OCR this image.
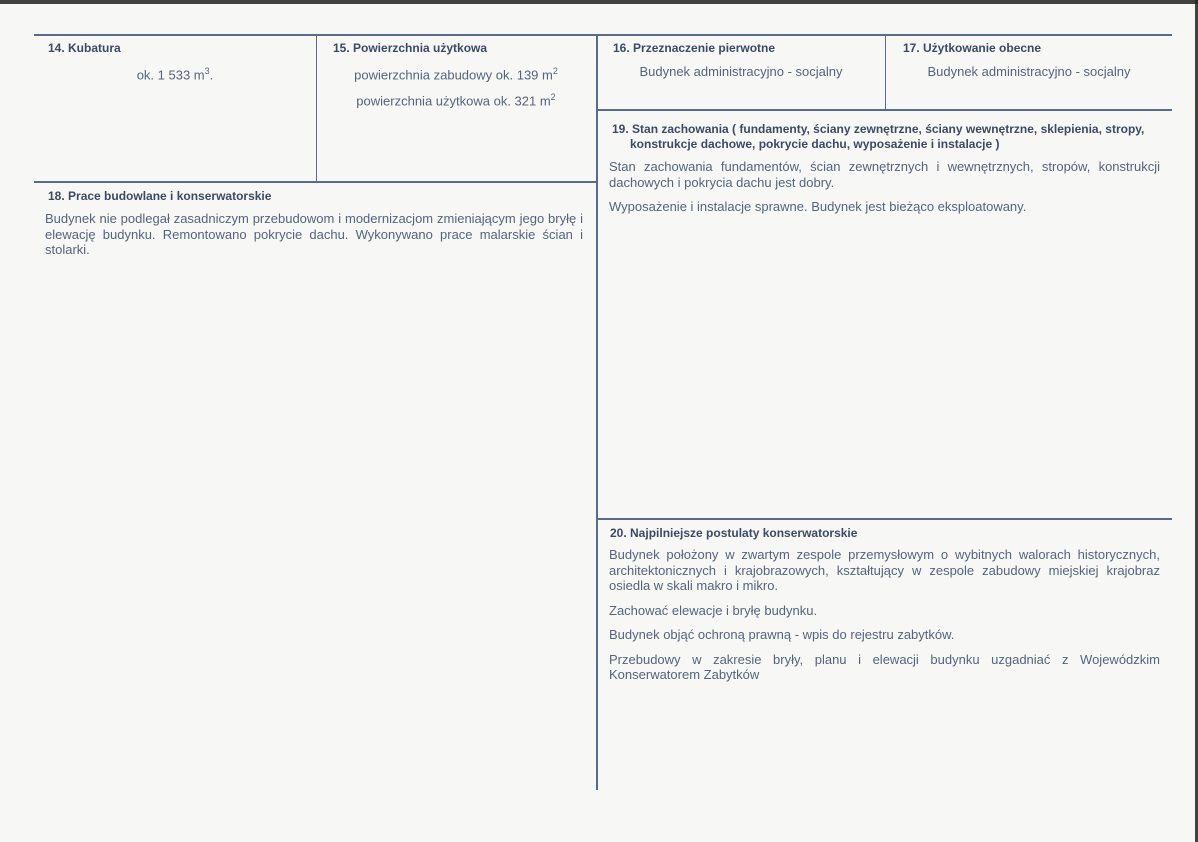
14. Kubatura
ok. 1 533 $m^3$.
15. Powierzchnia użytkowa
powierzchnia zabudowy ok. 139 $m^2$
powierzchnia użytkowa ok. 321 $m^2$
16. Przeznaczenie pierwotne
Budynek administracyjno - socjalny
17. Użytkowanie obecne
Budynek administracyjno - socjalny
19. Stan zachowania ( fundamenty, ściany zewnętrzne, ściany wewnętrzne, sklepienia, stropy,
konstrukcje dachowe, pokrycie dachu, wyposażenie i instalacje )

Stan zachowania fundamentów, ścian zewnętrznych i wewnętrznych, stropów, konstrukcji dachowych i pokrycia dachu jest dobry.

Wyposażenie i instalacje sprawne. Budynek jest bieżąco eksploatowany.

18. Prace budowlane i konserwatorskie
Budynek nie podlegał zasadniczym przebudowom i modernizacjom zmieniającym jego bryłę i elewację budynku. Remontowano pokrycie dachu. Wykonywano prace malarskie ścian i stolarki.
20. Najpilniejsze postulaty konserwatorskie

Budynek położony w zwartym zespole przemysłowym o wybitnych walorach historycznych, architektonicznych i krajobrazowych, kształtujący w zespole zabudowy miejskiej krajobraz osiedla w skali makro i mikro.

Zachować elewacje i bryłę budynku.

Budynek objąć ochroną prawną - wpis do rejestru zabytków.

Przebudowy w zakresie bryły, planu i elewacji budynku uzgadniać z Wojewódzkim Konserwatorem Zabytków
